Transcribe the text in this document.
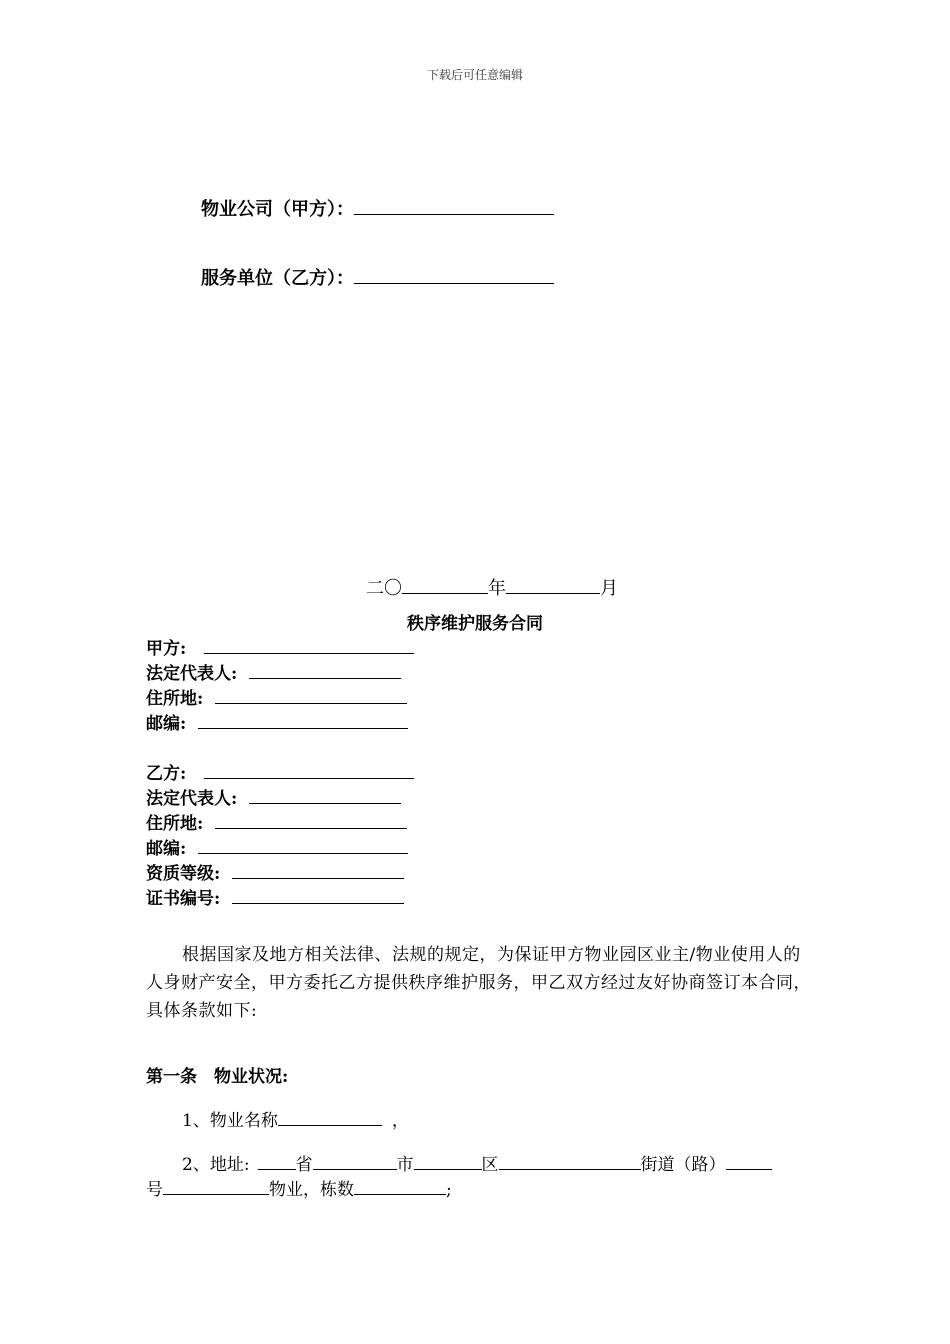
下载后可任意编辑
物业公司（甲方）：
服务单位（乙方）：
二〇	年	月
秩序维护服务合同
甲方:
法定代表人:
住所地:
邮编:
乙方:
法定代表人:
住所地:
邮编:
资质等级:
证书编号:
根据国家及地方相关法律、法规的规定，为保证甲方物业园区业主/物业使用人的人身财产安全，甲方委托乙方提供秩序维护服务，甲乙双方经过友好协商签订本合同，具体条款如下:
第一条　物业状况:
1、物业名称	，
2、地址:	省	市	区	街道（路）
号	物业，栋数	;
